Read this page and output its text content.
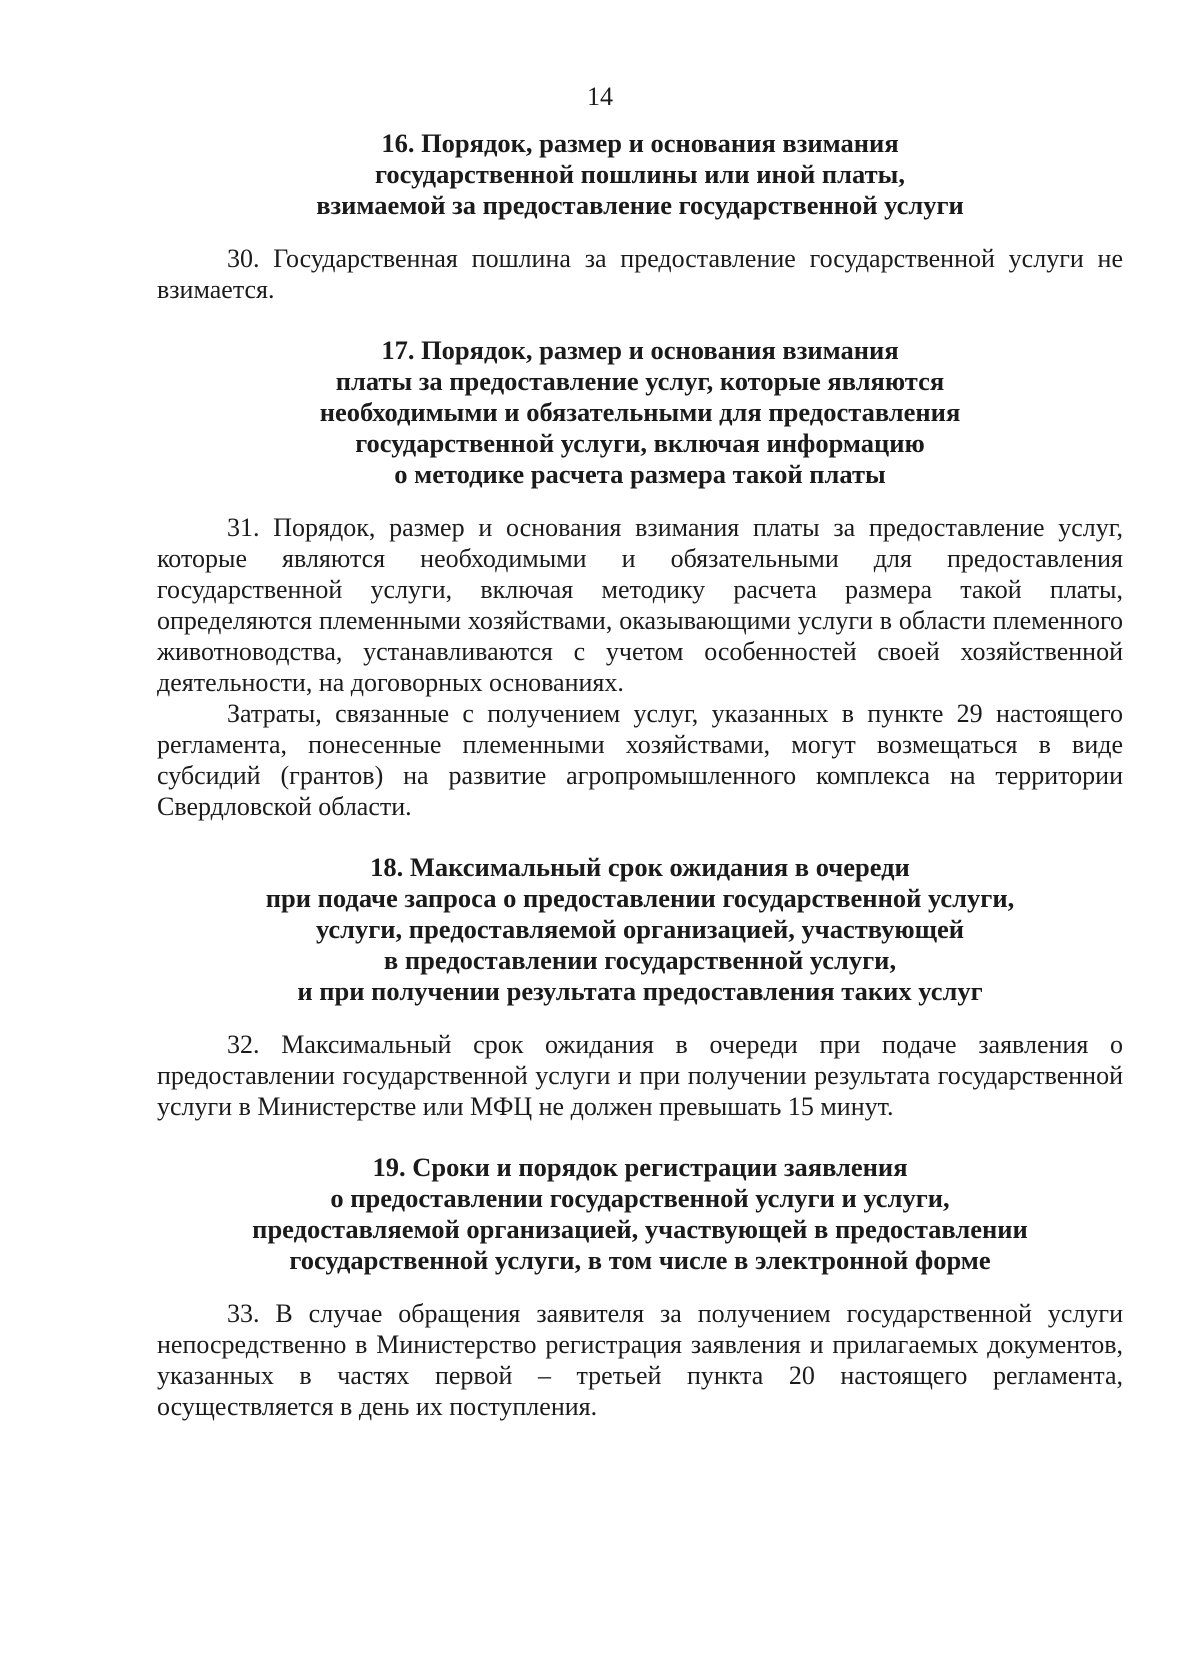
14
16. Порядок, размер и основания взимания
государственной пошлины или иной платы,
взимаемой за предоставление государственной услуги

30. Государственная пошлина за предоставление государственной услуги не взимается.

17. Порядок, размер и основания взимания
платы за предоставление услуг, которые являются
необходимыми и обязательными для предоставления
государственной услуги, включая информацию
о методике расчета размера такой платы

31. Порядок, размер и основания взимания платы за предоставление услуг, которые являются необходимыми и обязательными для предоставления государственной услуги, включая методику расчета размера такой платы, определяются племенными хозяйствами, оказывающими услуги в области племенного животноводства, устанавливаются с учетом особенностей своей хозяйственной деятельности, на договорных основаниях.

Затраты, связанные с получением услуг, указанных в пункте 29 настоящего регламента, понесенные племенными хозяйствами, могут возмещаться в виде субсидий (грантов) на развитие агропромышленного комплекса на территории Свердловской области.

18. Максимальный срок ожидания в очереди
при подаче запроса о предоставлении государственной услуги,
услуги, предоставляемой организацией, участвующей
в предоставлении государственной услуги,
и при получении результата предоставления таких услуг

32. Максимальный срок ожидания в очереди при подаче заявления о предоставлении государственной услуги и при получении результата государственной услуги в Министерстве или МФЦ не должен превышать 15 минут.

19. Сроки и порядок регистрации заявления
о предоставлении государственной услуги и услуги,
предоставляемой организацией, участвующей в предоставлении
государственной услуги, в том числе в электронной форме

33. В случае обращения заявителя за получением государственной услуги непосредственно в Министерство регистрация заявления и прилагаемых документов, указанных в частях первой – третьей пункта 20 настоящего регламента, осуществляется в день их поступления.
